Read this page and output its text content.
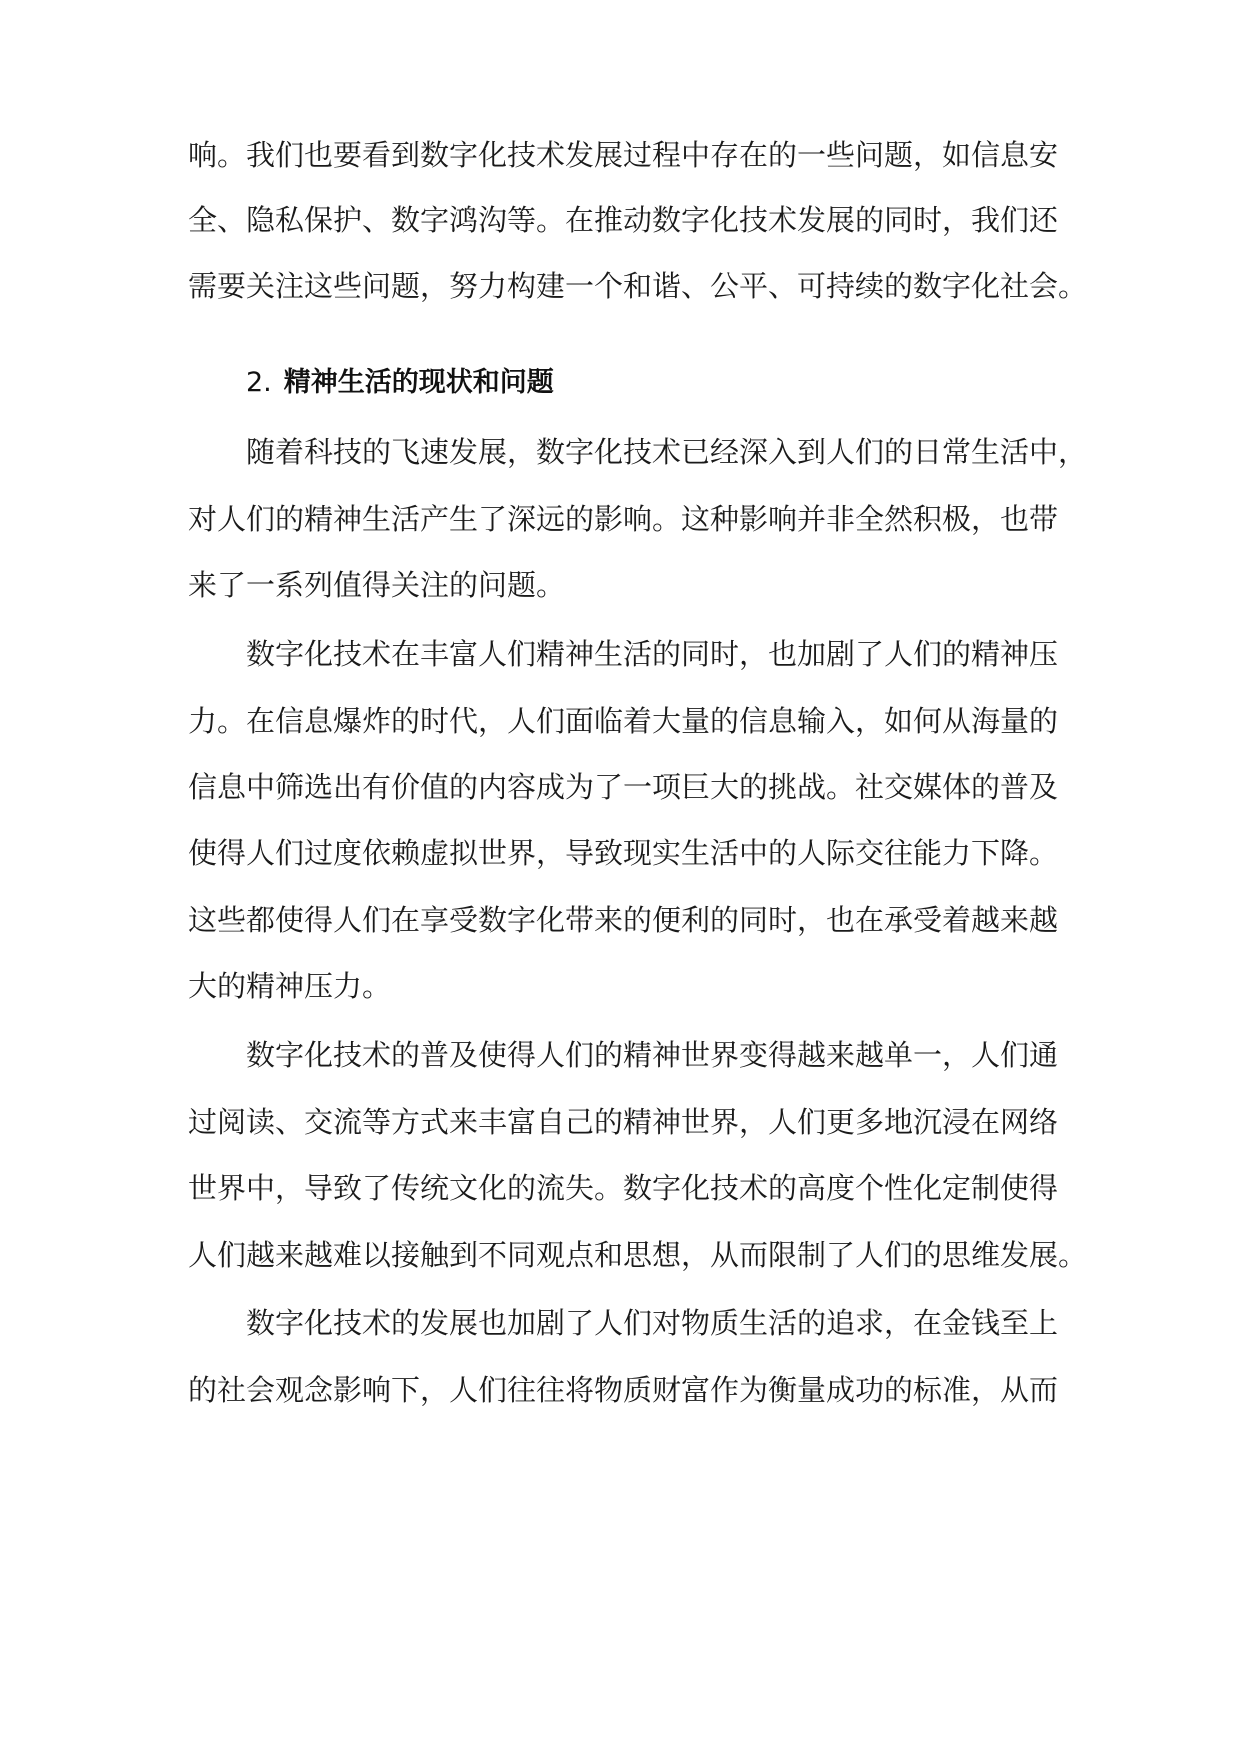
响。我们也要看到数字化技术发展过程中存在的一些问题，如信息安
全、隐私保护、数字鸿沟等。在推动数字化技术发展的同时，我们还
需要关注这些问题，努力构建一个和谐、公平、可持续的数字化社会。
2. 精神生活的现状和问题
随着科技的飞速发展，数字化技术已经深入到人们的日常生活中，
对人们的精神生活产生了深远的影响。这种影响并非全然积极，也带
来了一系列值得关注的问题。
数字化技术在丰富人们精神生活的同时，也加剧了人们的精神压
力。在信息爆炸的时代，人们面临着大量的信息输入，如何从海量的
信息中筛选出有价值的内容成为了一项巨大的挑战。社交媒体的普及
使得人们过度依赖虚拟世界，导致现实生活中的人际交往能力下降。
这些都使得人们在享受数字化带来的便利的同时，也在承受着越来越
大的精神压力。
数字化技术的普及使得人们的精神世界变得越来越单一，人们通
过阅读、交流等方式来丰富自己的精神世界，人们更多地沉浸在网络
世界中，导致了传统文化的流失。数字化技术的高度个性化定制使得
人们越来越难以接触到不同观点和思想，从而限制了人们的思维发展。
数字化技术的发展也加剧了人们对物质生活的追求，在金钱至上
的社会观念影响下，人们往往将物质财富作为衡量成功的标准，从而
